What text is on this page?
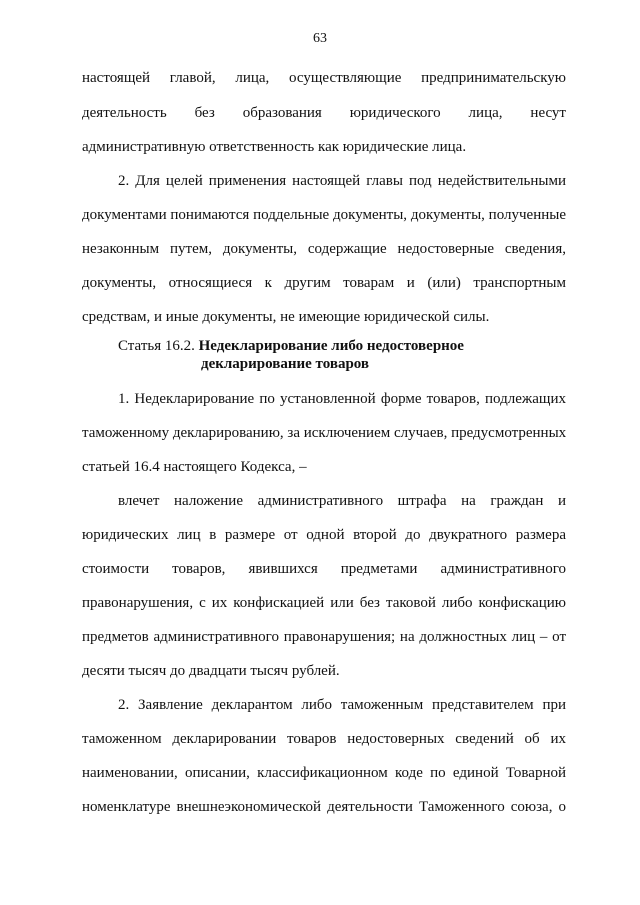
63
настоящей главой, лица, осуществляющие предпринимательскую
деятельность без образования юридического лица, несут
административную ответственность как юридические лица.
2. Для целей применения настоящей главы под недействительными
документами понимаются поддельные документы, документы, полученные
незаконным путем, документы, содержащие недостоверные сведения,
документы, относящиеся к другим товарам и (или) транспортным
средствам, и иные документы, не имеющие юридической силы.
Статья 16.2. Недекларирование либо недостоверное
декларирование товаров
1. Недекларирование по установленной форме товаров, подлежащих
таможенному декларированию, за исключением случаев, предусмотренных
статьей 16.4 настоящего Кодекса, –
влечет наложение административного штрафа на граждан и
юридических лиц в размере от одной второй до двукратного размера
стоимости товаров, явившихся предметами административного
правонарушения, с их конфискацией или без таковой либо конфискацию
предметов административного правонарушения; на должностных лиц – от
десяти тысяч до двадцати тысяч рублей.
2. Заявление декларантом либо таможенным представителем при
таможенном декларировании товаров недостоверных сведений об их
наименовании, описании, классификационном коде по единой Товарной
номенклатуре внешнеэкономической деятельности Таможенного союза, о
